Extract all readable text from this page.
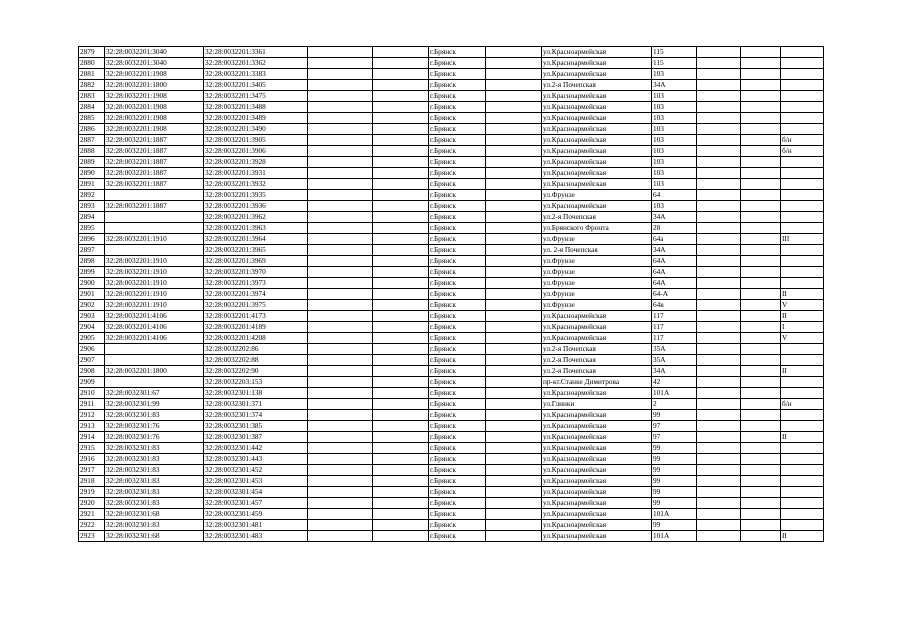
2879	32:28:0032201:3040	32:28:0032201:3361			г.Брянск		ул.Красноармейская	115			
2880	32:28:0032201:3040	32:28:0032201:3362			г.Брянск		ул.Красноармейская	115			
2881	32:28:0032201:1908	32:28:0032201:3383			г.Брянск		ул.Красноармейская	103			
2882	32:28:0032201:1800	32:28:0032201:3405			г.Брянск		ул.2-я Почепская	34А			
2883	32:28:0032201:1908	32:28:0032201:3475			г.Брянск		ул.Красноармейская	103			
2884	32:28:0032201:1908	32:28:0032201:3488			г.Брянск		ул.Красноармейская	103			
2885	32:28:0032201:1908	32:28:0032201:3489			г.Брянск		ул.Красноармейская	103			
2886	32:28:0032201:1908	32:28:0032201:3490			г.Брянск		ул.Красноармейская	103			
2887	32:28:0032201:1887	32:28:0032201:3905			г.Брянск		ул.Красноармейская	103			б/н
2888	32:28:0032201:1887	32:28:0032201:3906			г.Брянск		ул.Красноармейская	103			б/н
2889	32:28:0032201:1887	32:28:0032201:3928			г.Брянск		ул.Красноармейская	103			
2890	32:28:0032201:1887	32:28:0032201:3931			г.Брянск		ул.Красноармейская	103			
2891	32:28:0032201:1887	32:28:0032201:3932			г.Брянск		ул.Красноармейская	103			
2892		32:28:0032201:3935			г.Брянск		ул.Фрунзе	64			
2893	32:28:0032201:1887	32:28:0032201:3936			г.Брянск		ул.Красноармейская	103			
2894		32:28:0032201:3962			г.Брянск		ул.2-я Почепская	34А			
2895		32:28:0032201:3963			г.Брянск		ул.Брянского Фронта	28			
2896	32:28:0032201:1910	32:28:0032201:3964			г.Брянск		ул.Фрунзе	64а			III
2897		32:28:0032201:3965			г.Брянск		ул. 2-я Почепская	34А			
2898	32:28:0032201:1910	32:28:0032201:3969			г.Брянск		ул.Фрунзе	64А			
2899	32:28:0032201:1910	32:28:0032201:3970			г.Брянск		ул.Фрунзе	64А			
2900	32:28:0032201:1910	32:28:0032201:3973			г.Брянск		ул.Фрунзе	64А			
2901	32:28:0032201:1910	32:28:0032201:3974			г.Брянск		ул.Фрунзе	64-А			II
2902	32:28:0032201:1910	32:28:0032201:3975			г.Брянск		ул.Фрунзе	64в			V
2903	32:28:0032201:4106	32:28:0032201:4173			г.Брянск		ул.Красноармейская	117			II
2904	32:28:0032201:4106	32:28:0032201:4189			г.Брянск		ул.Красноармейская	117			I
2905	32:28:0032201:4106	32:28:0032201:4208			г.Брянск		ул.Красноармейская	117			V
2906		32:28:0032202:86			г.Брянск		ул.2-я Почепская	35А			
2907		32:28:0032202:88			г.Брянск		ул.2-я Почепская	35А			
2908	32:28:0032201:1800	32:28:0032202:90			г.Брянск		ул.2-я Почепская	34А			II
2909		32:28:0032203:153			г.Брянск		пр-кт.Станке Димитрова	42			
2910	32:28:0032301:67	32:28:0032301:138			г.Брянск		ул.Красноармейская	101А			
2911	32:28:0032301:99	32:28:0032301:371			г.Брянск		ул.Глинки	2			б/н
2912	32:28:0032301:83	32:28:0032301:374			г.Брянск		ул.Красноармейская	99			
2913	32:28:0032301:76	32:28:0032301:385			г.Брянск		ул.Красноармейская	97			
2914	32:28:0032301:76	32:28:0032301:387			г.Брянск		ул.Красноармейская	97			II
2915	32:28:0032301:83	32:28:0032301:442			г.Брянск		ул.Красноармейская	99			
2916	32:28:0032301:83	32:28:0032301:443			г.Брянск		ул.Красноармейская	99			
2917	32:28:0032301:83	32:28:0032301:452			г.Брянск		ул.Красноармейская	99			
2918	32:28:0032301:83	32:28:0032301:453			г.Брянск		ул.Красноармейская	99			
2919	32:28:0032301:83	32:28:0032301:454			г.Брянск		ул.Красноармейская	99			
2920	32:28:0032301:83	32:28:0032301:457			г.Брянск		ул.Красноармейская	99			
2921	32:28:0032301:68	32:28:0032301:459			г.Брянск		ул.Красноармейская	101А			
2922	32:28:0032301:83	32:28:0032301:481			г.Брянск		ул.Красноармейская	99			
2923	32:28:0032301:68	32:28:0032301:483			г.Брянск		ул.Красноармейская	101А			II
